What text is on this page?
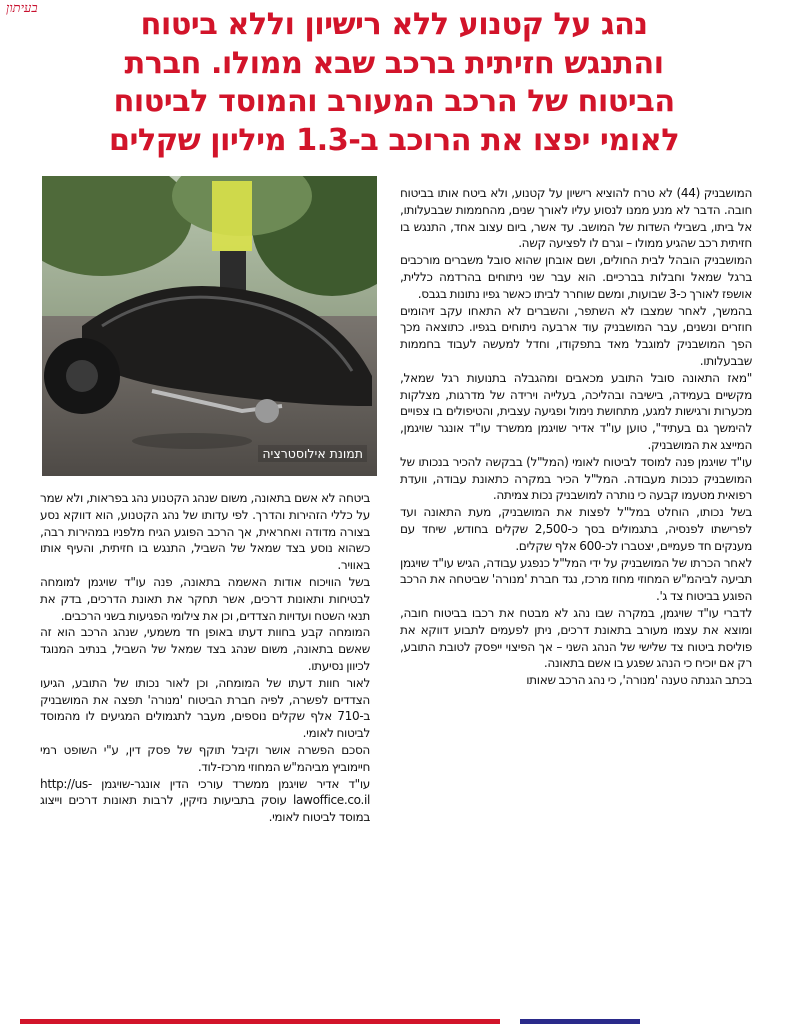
בעיתון	נהג על קטנוע ללא רישיון וללא ביטוח
והתנגש חזיתית ברכב שבא ממולו. חברת
הביטוח של הרכב המעורב והמוסד לביטוח
לאומי יפצו את הרוכב ב-1.3 מיליון שקלים
תמונת אילוסטרציה

המושבניק (44) לא טרח להוציא רישיון על קטנוע, ולא ביטח אותו בביטוח חובה. הדבר לא מנע ממנו לנסוע עליו לאורך שנים, מהחממות שבבעלותו, אל ביתו, בשבילי השדות של המושב. עד אשר, ביום עצוב אחד, התנגש בו חזיתית רכב שהגיע ממולו – וגרם לו לפציעה קשה.

המושבניק הובהל לבית החולים, ושם אובחן שהוא סובל משברים מורכבים ברגל שמאל וחבלות בברכיים. הוא עבר שני ניתוחים בהרדמה כללית, אושפז לאורך כ-3 שבועות, ומשם שוחרר לביתו כאשר גפיו נתונות בגבס.

בהמשך, לאחר שמצבו לא השתפר, והשברים לא התאחו עקב זיהומים חוזרים ונשנים, עבר המושבניק עוד ארבעה ניתוחים בגפיו. כתוצאה מכך הפך המושבניק למוגבל מאד בתפקודו, וחדל למעשה לעבוד בחממות שבבעלותו.

"מאז התאונה סובל התובע מכאבים ומהגבלה בתנועות רגל שמאל, מקשיים בעמידה, בישיבה ובהליכה, בעלייה וירידה של מדרגות, מצלקות מכערות ורגישות למגע, מתחושת נימול ופגיעה עצבית, והטיפולים בו צפויים להימשך גם בעתיד", טוען עו"ד אדיר שויגמן ממשרד עו"ד אונגר שויגמן, המייצג את המושבניק.

עו"ד שויגמן פנה למוסד לביטוח לאומי (המל"ל) בבקשה להכיר בנכותו של המושבניק כנכות מעבודה. המל"ל הכיר במקרה כתאונת עבודה, וועדת רפואית מטעמו קבעה כי נותרה למושבניק נכות צמיתה.

בשל נכותו, הוחלט במל"ל לפצות את המושבניק, מעת התאונה ועד לפרישתו לפנסיה, בתגמולים בסך כ-2,500 שקלים בחודש, שיחד עם מענקים חד פעמיים, יצטברו לכ-600 אלף שקלים.

לאחר הכרתו של המושבניק על ידי המל"ל כנפגע עבודה, הגיש עו"ד שויגמן תביעה לביהמ"ש המחוזי מחוז מרכז, נגד חברת 'מנורה' שביטחה את הרכב הפוגע בביטוח צד ג'.

לדברי עו"ד שויגמן, במקרה שבו נהג לא מבטח את רכבו בביטוח חובה, ומוצא את עצמו מעורב בתאונת דרכים, ניתן לפעמים לתבוע דווקא את פוליסת ביטוח צד שלישי של הנהג השני – אך הפיצוי ייפסק לטובת התובע, רק אם יוכיח כי הנהג שפגע בו אשם בתאונה.

בכתב הגנתה טענה 'מנורה', כי נהג הרכב שאותו

ביטחה לא אשם בתאונה, משום שנהג הקטנוע נהג בפראות, ולא שמר על כללי הזהירות והדרך. לפי עדותו של נהג הקטנוע, הוא דווקא נסע בצורה מדודה ואחראית, אך הרכב הפוגע הגיח מלפניו במהירות רבה, כשהוא נוסע בצד שמאל של השביל, התנגש בו חזיתית, והעיף אותו באוויר.

בשל הוויכוח אודות האשמה בתאונה, פנה עו"ד שויגמן למומחה לבטיחות ותאונות דרכים, אשר תחקר את תאונת הדרכים, בדק את תנאי השטח ועדויות הצדדים, וכן את צילומי הפגיעות בשני הרכבים.

המומחה קבע בחוות דעתו באופן חד משמעי, שנהג הרכב הוא זה שאשם בתאונה, משום שנהג בצד שמאל של השביל, בנתיב המנוגד לכיוון נסיעתו.

לאור חוות דעתו של המומחה, וכן לאור נכותו של התובע, הגיעו הצדדים לפשרה, לפיה חברת הביטוח 'מנורה' תפצה את המושבניק ב-710 אלף שקלים נוספים, מעבר לתגמולים המגיעים לו מהמוסד לביטוח לאומי.

הסכם הפשרה אושר וקיבל תוקף של פסק דין, ע"י השופט רמי חיימוביץ מביהמ"ש המחוזי מרכז-לוד.

עו"ד אדיר שויגמן ממשרד עורכי הדין אונגר-שויגמן http://us-lawoffice.co.il עוסק בתביעות נזיקין, לרבות תאונות דרכים וייצוג במוסד לביטוח לאומי.
